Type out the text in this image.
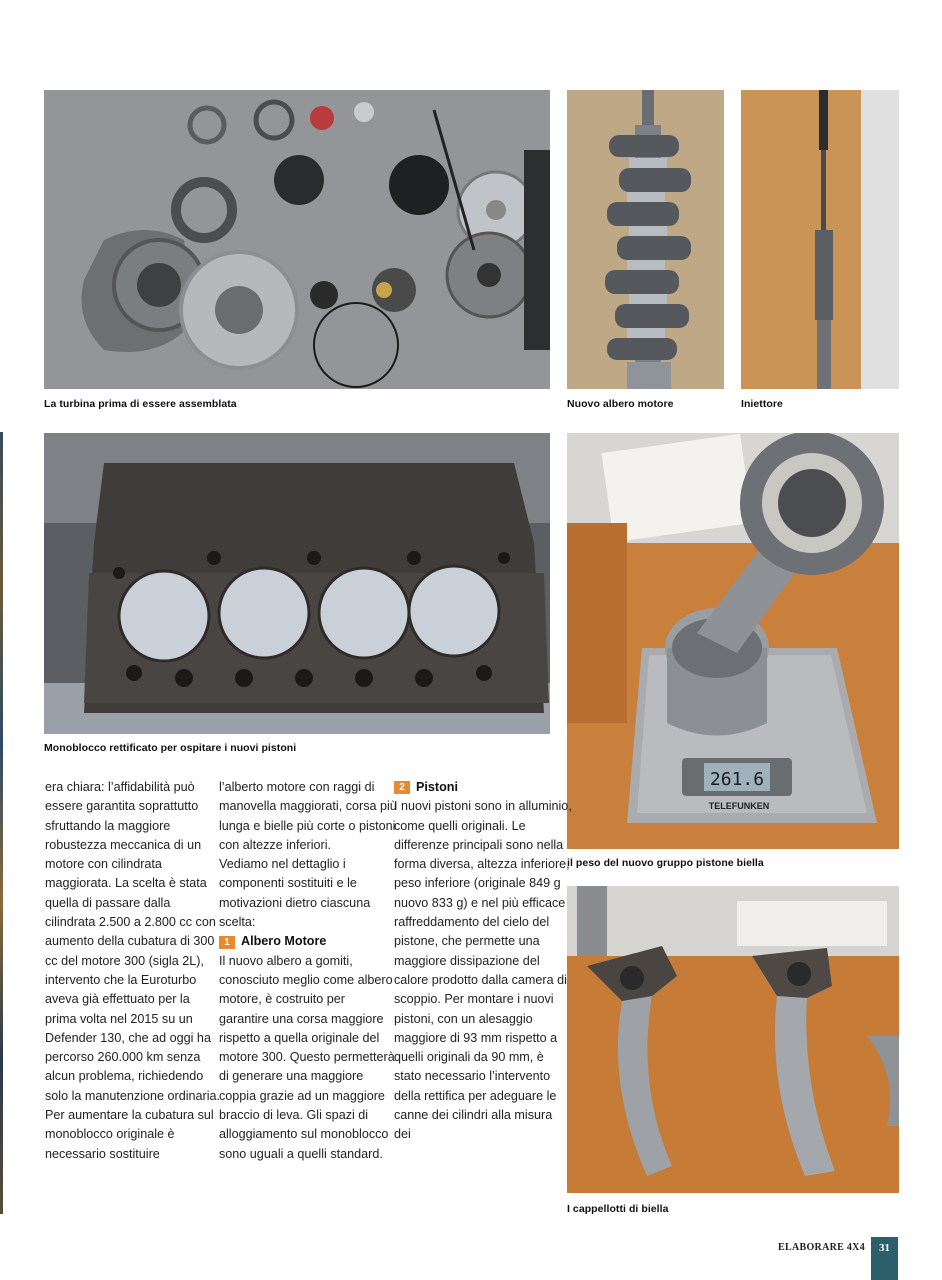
La turbina prima di essere assemblata	Nuovo albero motore	Iniettore
Monoblocco rettificato per ospitare i nuovi pistoni
261.6
TELEFUNKEN
il peso del nuovo gruppo pistone biella
I cappellotti di biella

era chiara: l’affidabilità può essere garantita soprattutto sfruttando la maggiore robustezza meccanica di un motore con cilindrata maggiorata. La scelta è stata quella di passare dalla cilindrata 2.500 a 2.800 cc con aumento della cubatura di 300 cc del motore 300 (sigla 2L), intervento che la Euroturbo aveva già effettuato per la prima volta nel 2015 su un Defender 130, che ad oggi ha percorso 260.000 km senza alcun problema, richiedendo solo la manutenzione ordinaria. Per aumentare la cubatura sul monoblocco originale è necessario sostituire

l’alberto motore con raggi di manovella maggiorati, corsa più lunga e bielle più corte o pistoni con altezze inferiori.

Vediamo nel dettaglio i componenti sostituiti e le motivazioni dietro ciascuna scelta:

1 Albero Motore

Il nuovo albero a gomiti, conosciuto meglio come albero motore, è costruito per garantire una corsa maggiore rispetto a quella originale del motore 300. Questo permetterà di generare una maggiore coppia grazie ad un maggiore braccio di leva. Gli spazi di alloggiamento sul monoblocco sono uguali a quelli standard.

2 Pistoni

I nuovi pistoni sono in alluminio, come quelli originali. Le differenze principali sono nella forma diversa, altezza inferiore, peso inferiore (originale 849 g nuovo 833 g) e nel più efficace raffreddamento del cielo del pistone, che permette una maggiore dissipazione del calore prodotto dalla camera di scoppio. Per montare i nuovi pistoni, con un alesaggio maggiore di 93 mm rispetto a quelli originali da 90 mm, è stato necessario l’intervento della rettifica per adeguare le canne dei cilindri alla misura dei

ELABORARE 4X4	31
